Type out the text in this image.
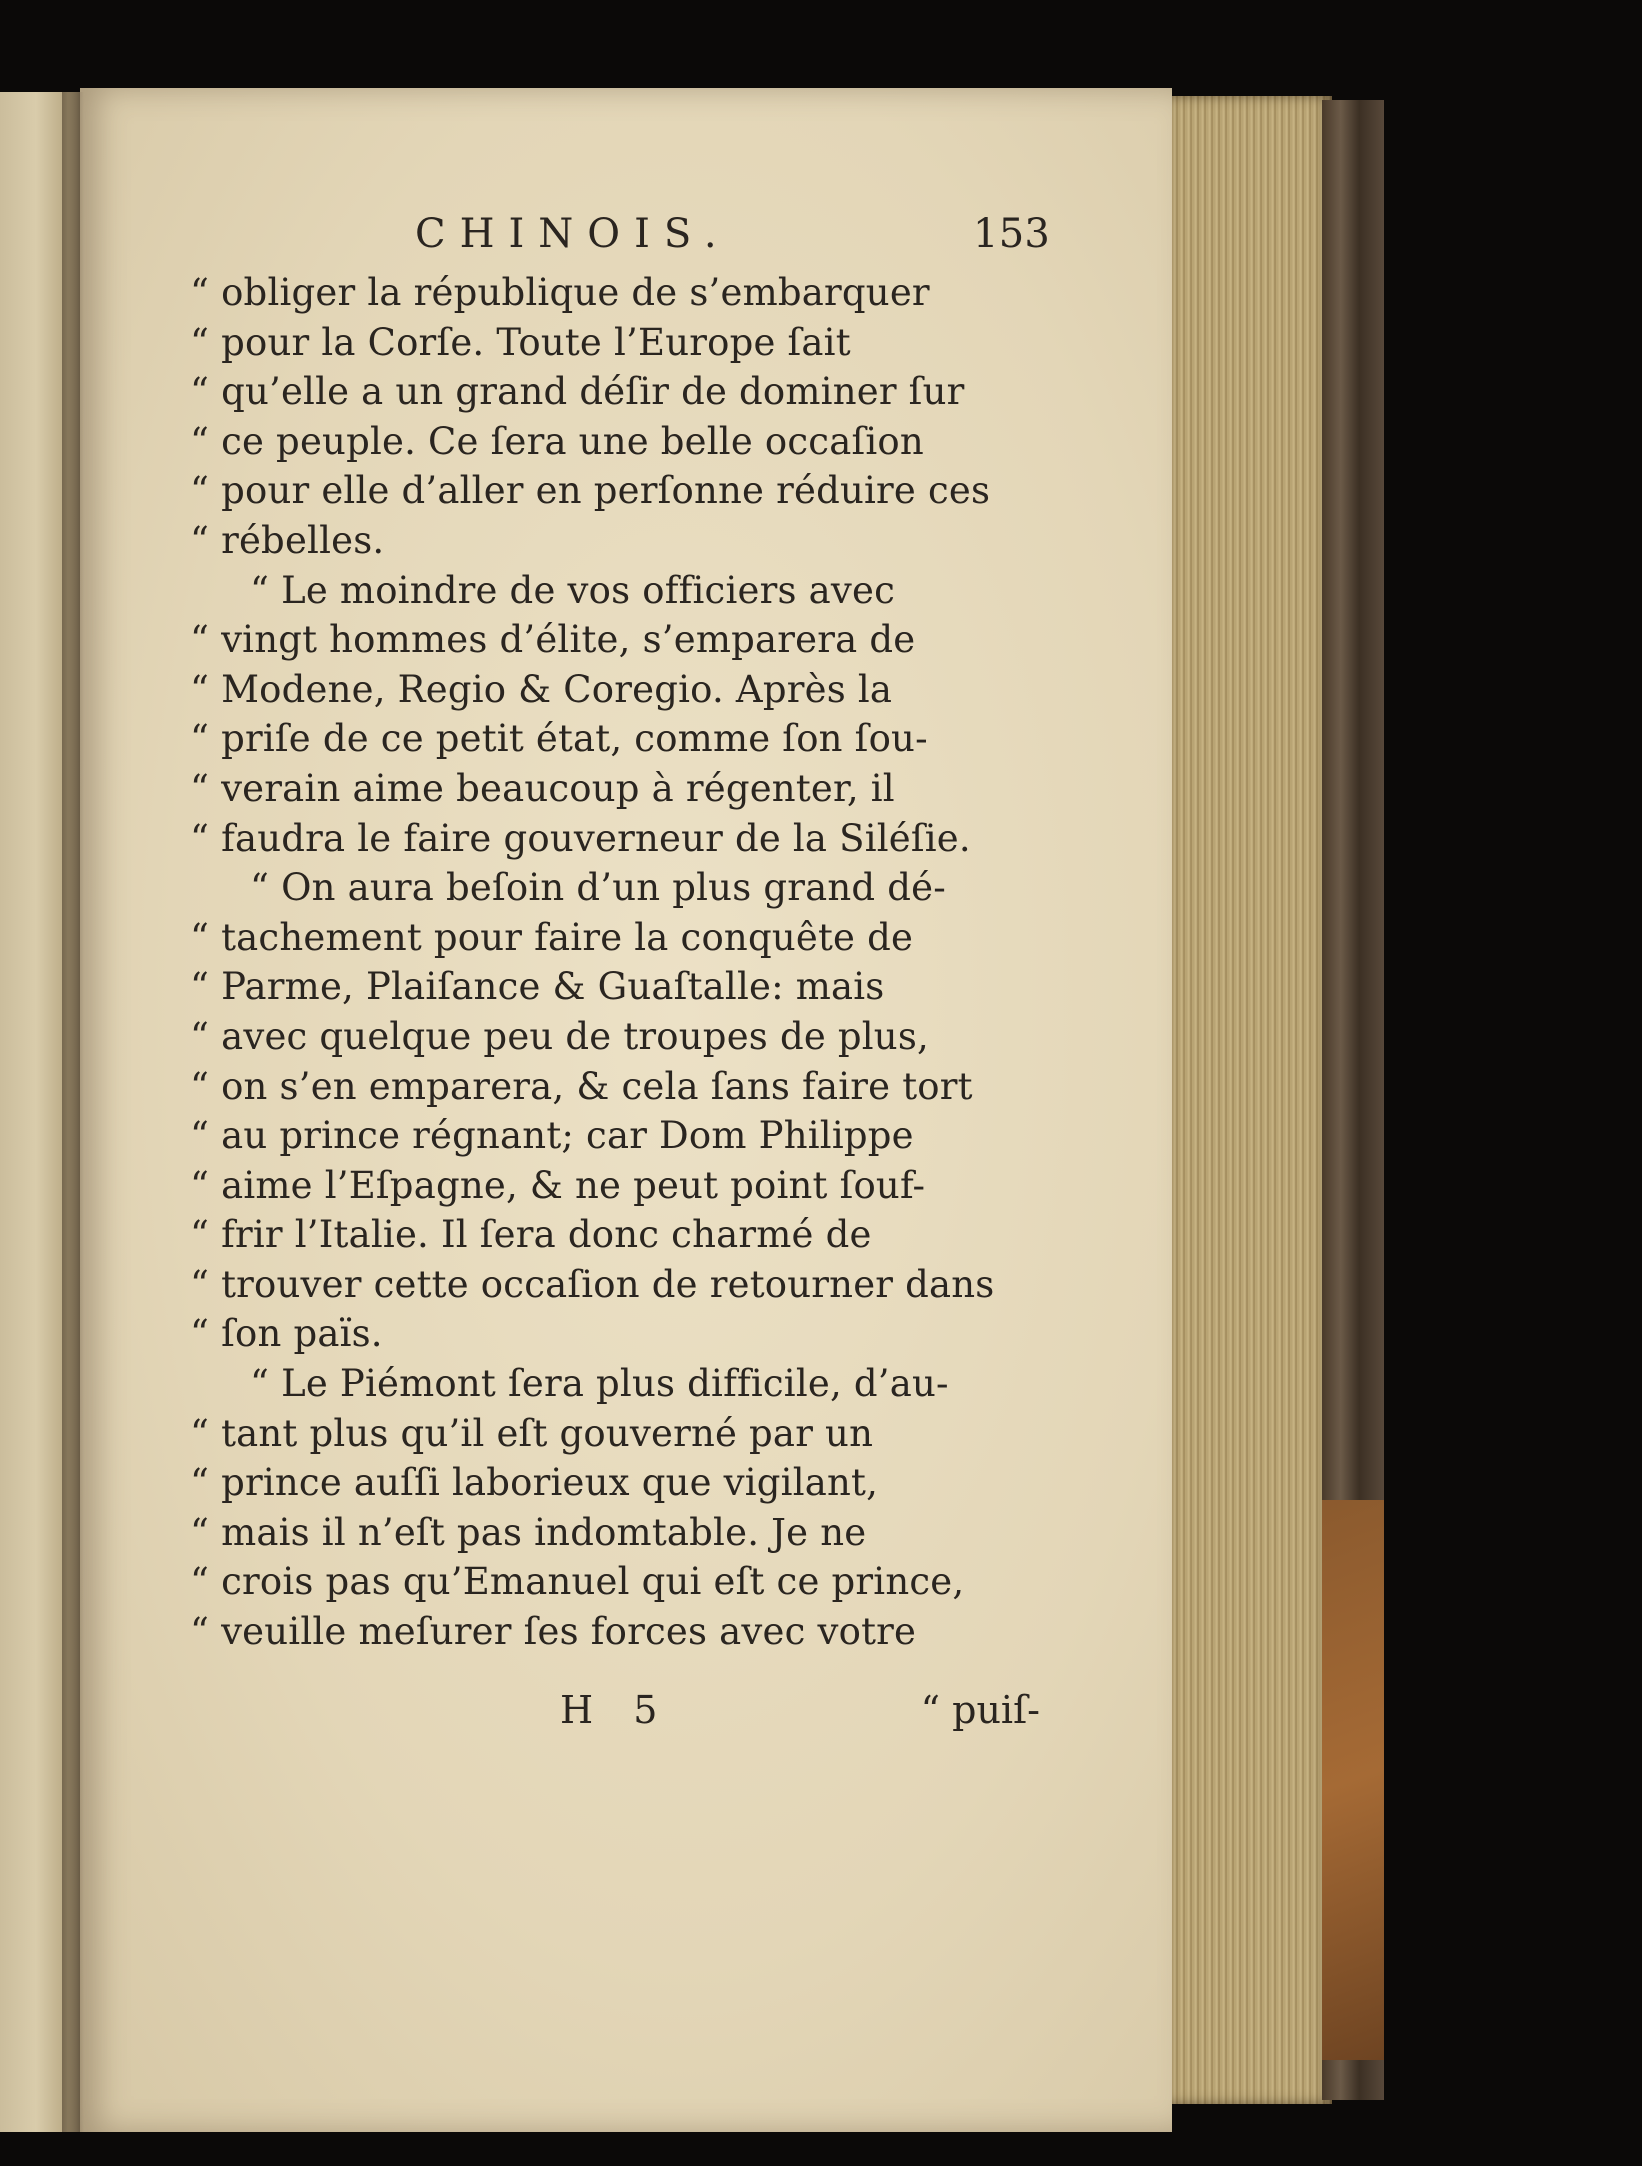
CHINOIS.	153
“ obliger la république de s’embarquer
“ pour la Corſe. Toute l’Europe ſait
“ qu’elle a un grand déſir de dominer ſur
“ ce peuple. Ce ſera une belle occaſion
“ pour elle d’aller en perſonne réduire ces
“ rébelles.
“ Le moindre de vos officiers avec
“ vingt hommes d’élite, s’emparera de
“ Modene, Regio & Coregio. Après la
“ priſe de ce petit état, comme ſon ſou-
“ verain aime beaucoup à régenter, il
“ faudra le faire gouverneur de la Siléſie.
“ On aura beſoin d’un plus grand dé-
“ tachement pour faire la conquête de
“ Parme, Plaiſance & Guaſtalle: mais
“ avec quelque peu de troupes de plus,
“ on s’en emparera, & cela ſans faire tort
“ au prince régnant; car Dom Philippe
“ aime l’Eſpagne, & ne peut point ſouf-
“ frir l’Italie. Il ſera donc charmé de
“ trouver cette occaſion de retourner dans
“ ſon païs.
“ Le Piémont ſera plus difficile, d’au-
“ tant plus qu’il eſt gouverné par un
“ prince auſſi laborieux que vigilant,
“ mais il n’eſt pas indomtable. Je ne
“ crois pas qu’Emanuel qui eſt ce prince,
“ veuille meſurer ſes forces avec votre
H 5	“ puiſ-
